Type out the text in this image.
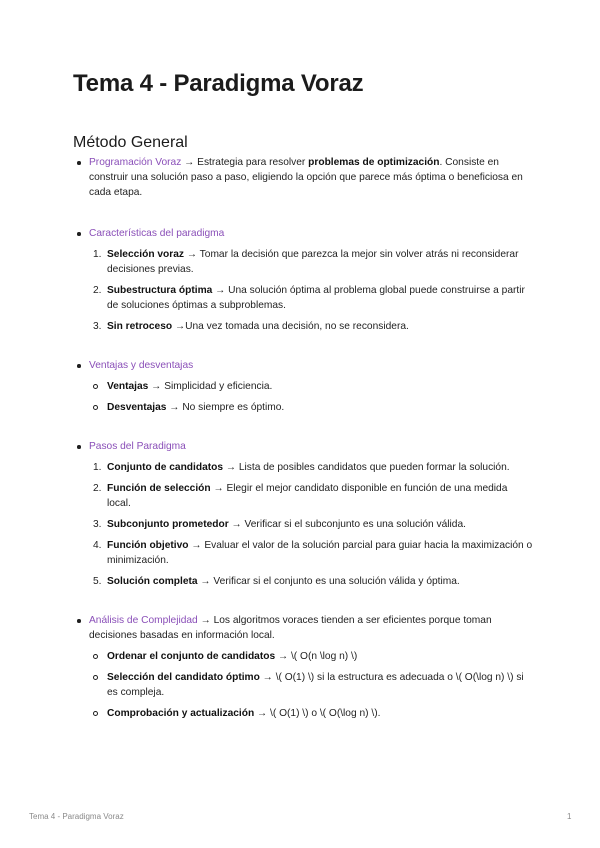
Tema 4 - Paradigma Voraz
Método General
Programación Voraz → Estrategia para resolver problemas de optimización. Consiste en construir una solución paso a paso, eligiendo la opción que parece más óptima o beneficiosa en cada etapa.
Características del paradigma
1. Selección voraz → Tomar la decisión que parezca la mejor sin volver atrás ni reconsiderar decisiones previas.
2. Subestructura óptima → Una solución óptima al problema global puede construirse a partir de soluciones óptimas a subproblemas.
3. Sin retroceso →Una vez tomada una decisión, no se reconsidera.
Ventajas y desventajas
Ventajas → Simplicidad y eficiencia.
Desventajas → No siempre es óptimo.
Pasos del Paradigma
1. Conjunto de candidatos → Lista de posibles candidatos que pueden formar la solución.
2. Función de selección → Elegir el mejor candidato disponible en función de una medida local.
3. Subconjunto prometedor → Verificar si el subconjunto es una solución válida.
4. Función objetivo → Evaluar el valor de la solución parcial para guiar hacia la maximización o minimización.
5. Solución completa → Verificar si el conjunto es una solución válida y óptima.
Análisis de Complejidad → Los algoritmos voraces tienden a ser eficientes porque toman decisiones basadas en información local.
Ordenar el conjunto de candidatos → \( O(n \log n) \)
Selección del candidato óptimo → \( O(1) \) si la estructura es adecuada o \( O(\log n) \) si es compleja.
Comprobación y actualización → \( O(1) \) o \( O(\log n) \).
Tema 4 - Paradigma Voraz	1
